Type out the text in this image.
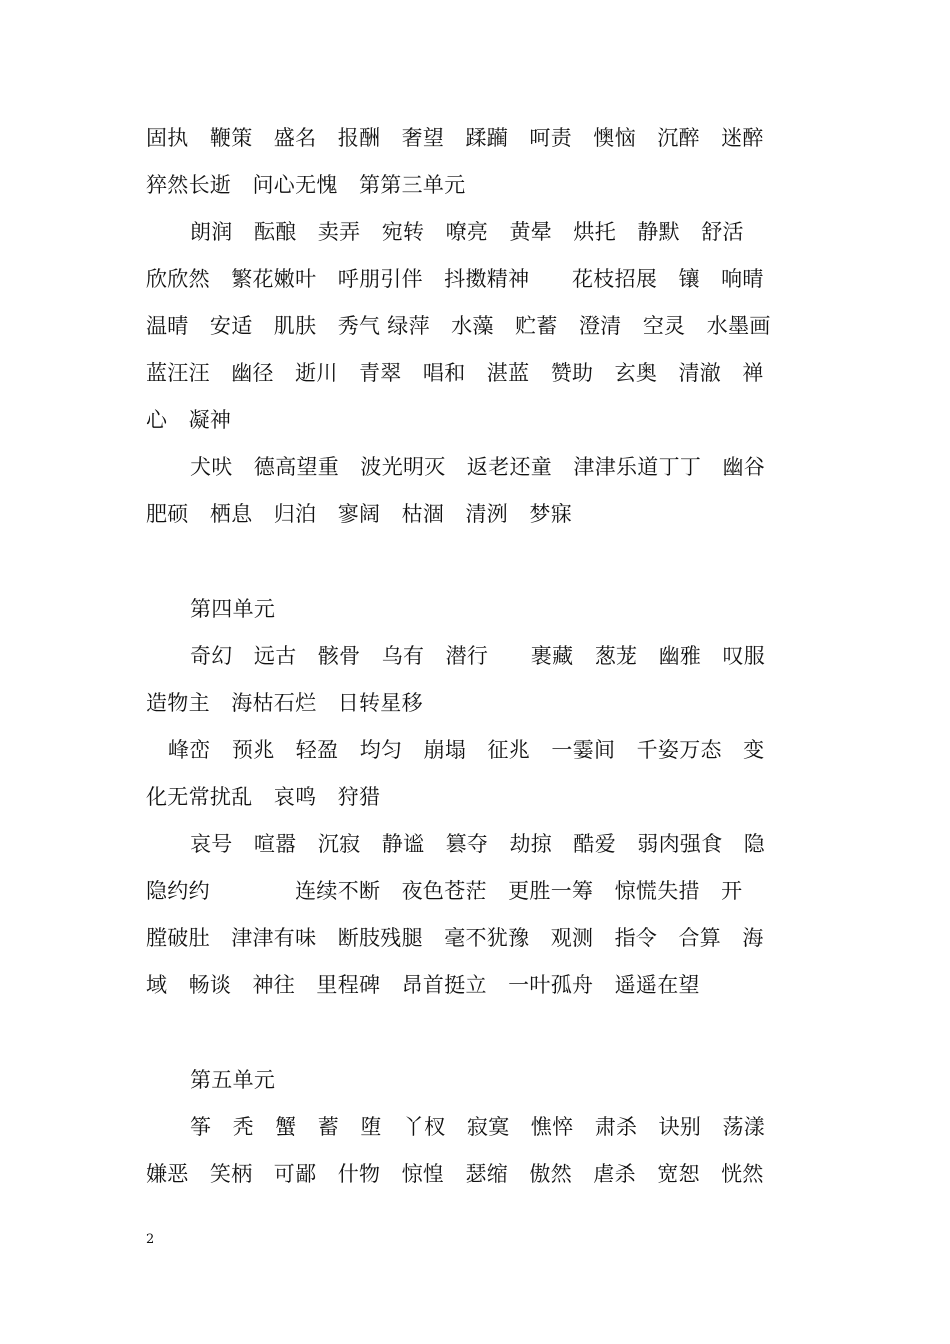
固执　鞭策　盛名　报酬　奢望　蹂躏　呵责　懊恼　沉醉　迷醉
猝然长逝　问心无愧　第第三单元
朗润　酝酿　卖弄　宛转　嘹亮　黄晕　烘托　静默　舒活
欣欣然　繁花嫩叶　呼朋引伴　抖擞精神　　花枝招展　镶　响晴
温晴　安适　肌肤　秀气 绿萍　水藻　贮蓄　澄清　空灵　水墨画
蓝汪汪　幽径　逝川　青翠　唱和　湛蓝　赞助　玄奥　清澈　禅
心　凝神
犬吠　德高望重　波光明灭　返老还童　津津乐道丁丁　幽谷
肥硕　栖息　归泊　寥阔　枯涸　清洌　梦寐
第四单元
奇幻　远古　骸骨　乌有　潜行　　裹藏　葱茏　幽雅　叹服
造物主　海枯石烂　日转星移
峰峦　预兆　轻盈　均匀　崩塌　征兆　一霎间　千姿万态　变
化无常扰乱　哀鸣　狩猎
哀号　喧嚣　沉寂　静谧　篡夺　劫掠　酷爱　弱肉强食　隐
隐约约　　　　连续不断　夜色苍茫　更胜一筹　惊慌失措　开
膛破肚　津津有味　断肢残腿　毫不犹豫　观测　指令　合算　海
域　畅谈　神往　里程碑　昂首挺立　一叶孤舟　遥遥在望
第五单元
筝　秃　蟹　蓄　堕　丫杈　寂寞　憔悴　肃杀　诀别　荡漾
嫌恶　笑柄　可鄙　什物　惊惶　瑟缩　傲然　虐杀　宽恕　恍然
2
